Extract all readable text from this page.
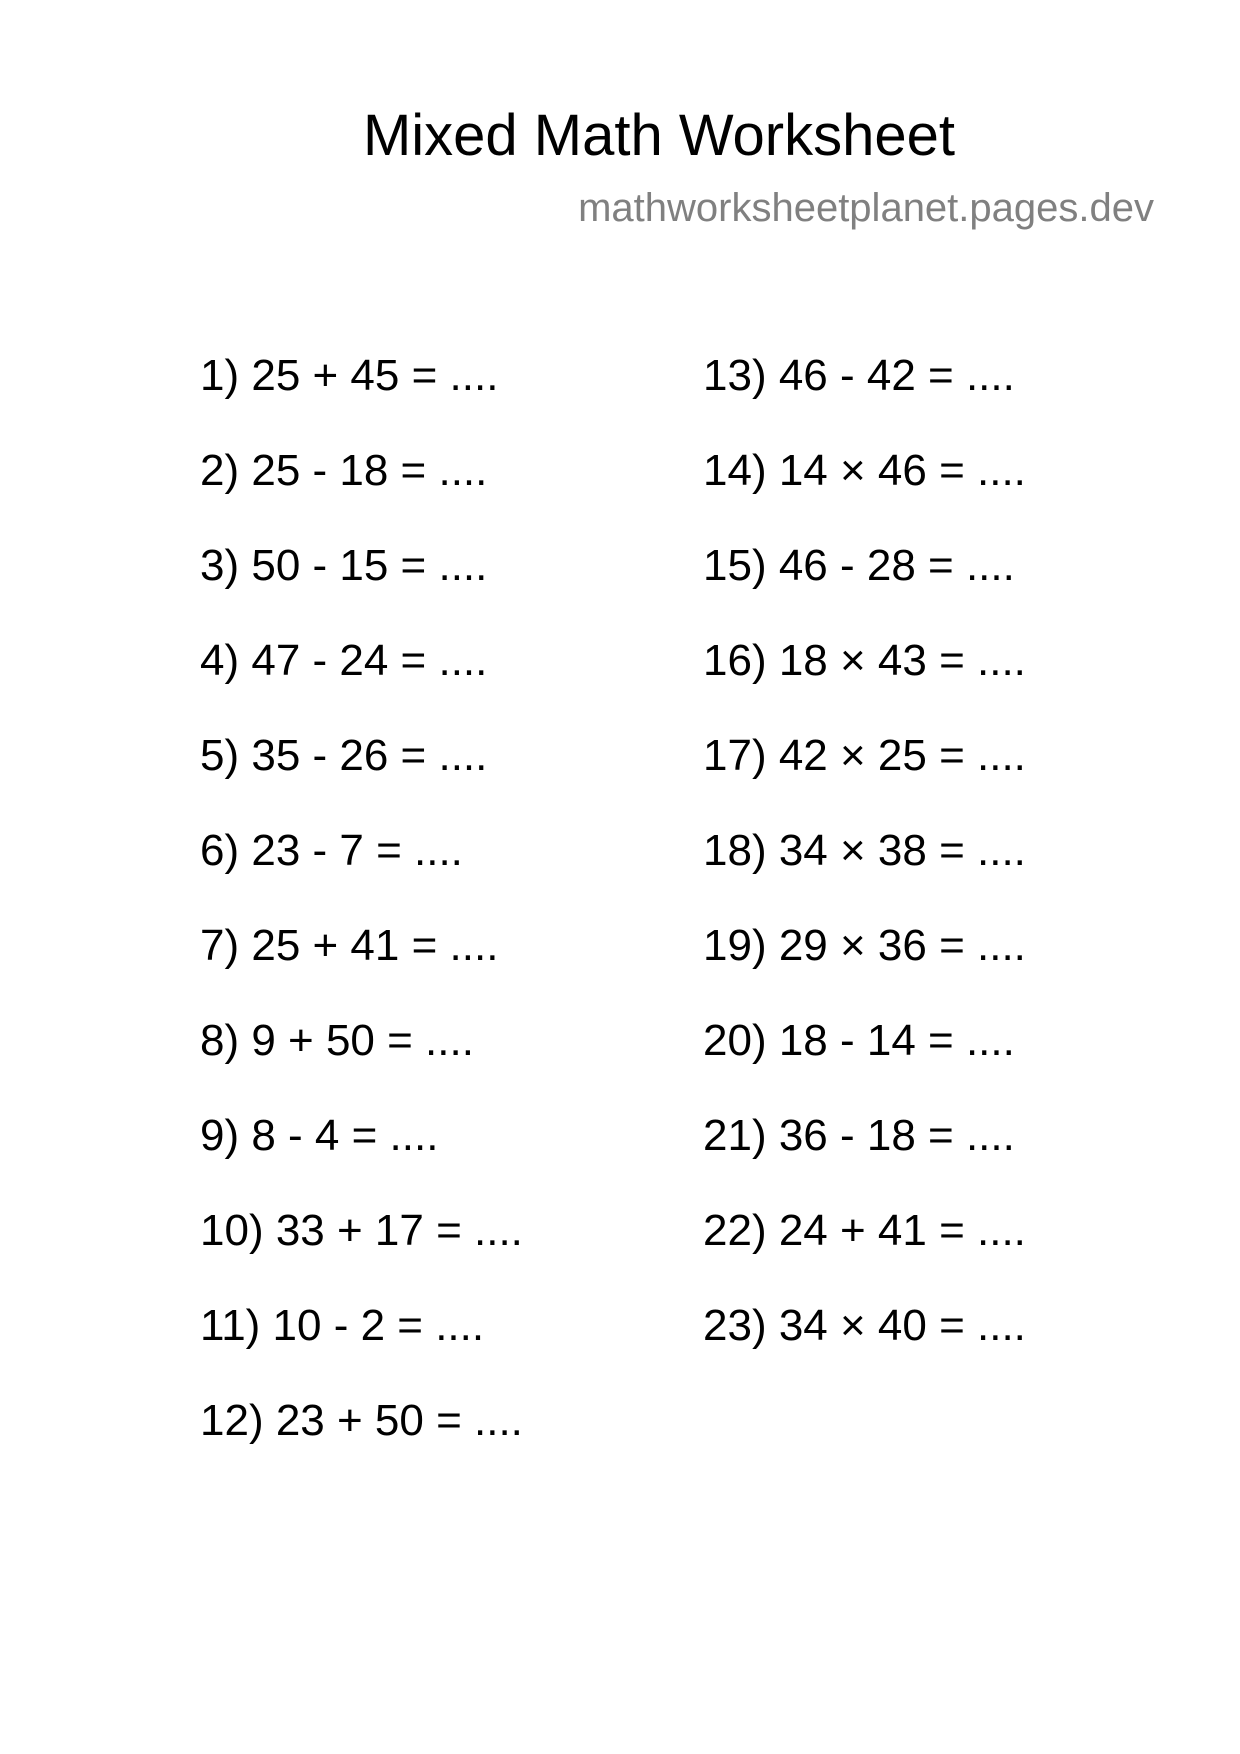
Mixed Math Worksheet
mathworksheetplanet.pages.dev
1) 25 + 45 = ....
2) 25 - 18 = ....
3) 50 - 15 = ....
4) 47 - 24 = ....
5) 35 - 26 = ....
6) 23 - 7 = ....
7) 25 + 41 = ....
8) 9 + 50 = ....
9) 8 - 4 = ....
10) 33 + 17 = ....
11) 10 - 2 = ....
12) 23 + 50 = ....
13) 46 - 42 = ....
14) 14 × 46 = ....
15) 46 - 28 = ....
16) 18 × 43 = ....
17) 42 × 25 = ....
18) 34 × 38 = ....
19) 29 × 36 = ....
20) 18 - 14 = ....
21) 36 - 18 = ....
22) 24 + 41 = ....
23) 34 × 40 = ....
